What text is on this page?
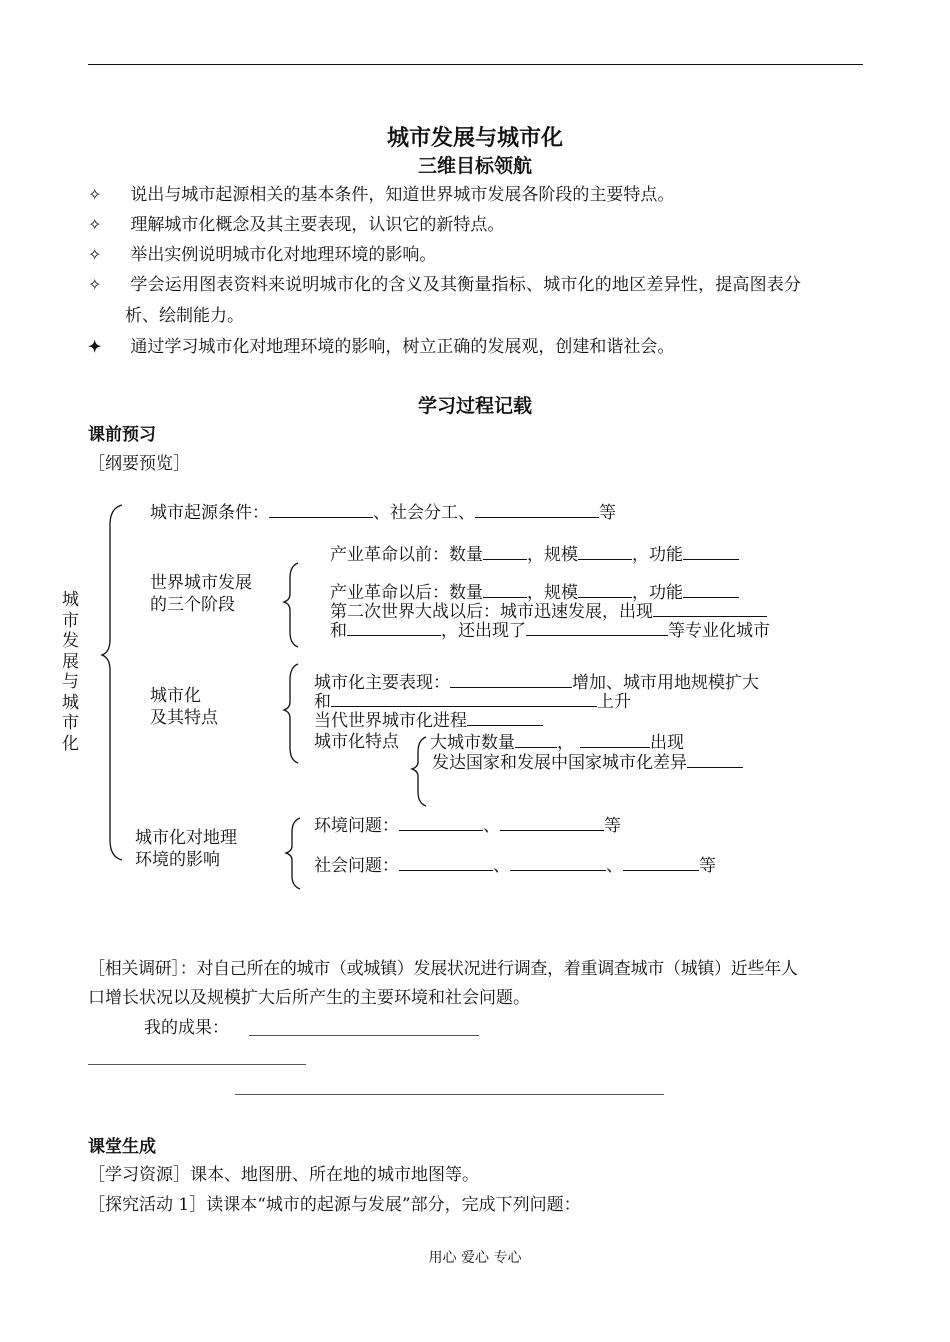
城市发展与城市化
三维目标领航
✧ 说出与城市起源相关的基本条件，知道世界城市发展各阶段的主要特点。
✧ 理解城市化概念及其主要表现，认识它的新特点。
✧ 举出实例说明城市化对地理环境的影响。
✧ 学会运用图表资料来说明城市化的含义及其衡量指标、城市化的地区差异性，提高图表分
析、绘制能力。
✦ 通过学习城市化对地理环境的影响，树立正确的发展观，创建和谐社会。
学习过程记载
课前预习
［纲要预览］
城
市
发
展
与
城
市
化
城市起源条件：	、社会分工、	等
世界城市发展
的三个阶段
产业革命以前：数量	，规模	，功能
产业革命以后：数量	，规模	，功能
第二次世界大战以后：城市迅速发展，出现
和	，还出现了	等专业化城市
城市化
及其特点
城市化主要表现：	增加、城市用地规模扩大
和	上升
当代世界城市化进程
城市化特点 大城市数量 ，	出现
发达国家和发展中国家城市化差异
城市化对地理
环境的影响
环境问题：	、	等
社会问题：	、	、	等
［相关调研］：对自己所在的城市（或城镇）发展状况进行调查，着重调查城市（城镇）近些年人
口增长状况以及规模扩大后所产生的主要环境和社会问题。
我的成果：
课堂生成
［学习资源］课本、地图册、所在地的城市地图等。
［探究活动 1］读课本“城市的起源与发展”部分，完成下列问题：
用心 爱心 专心
